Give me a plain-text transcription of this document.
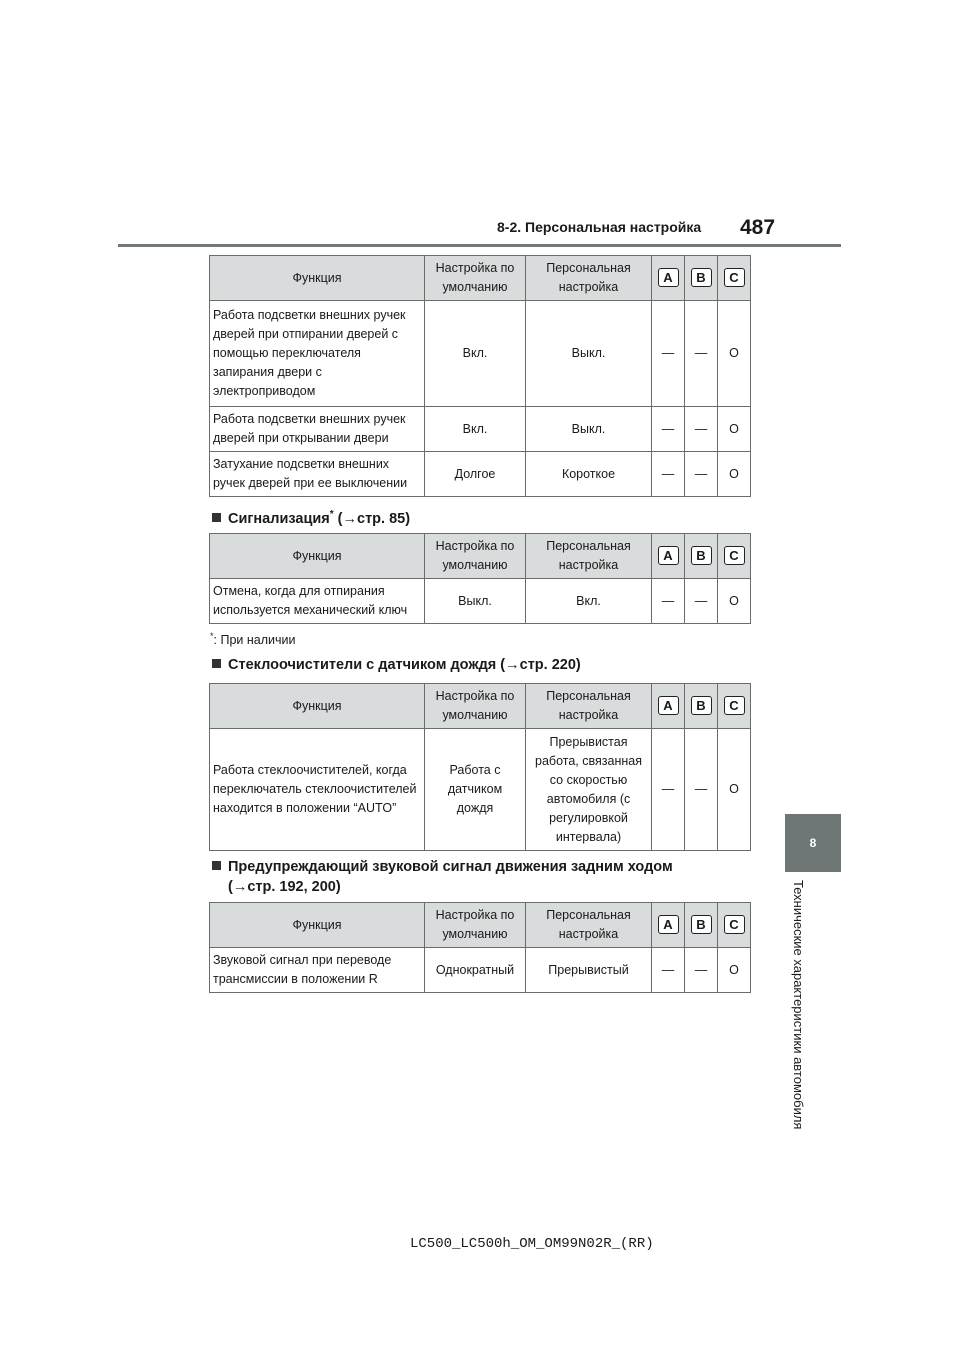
8-2. Персональная настройка 487
8
Технические характеристики автомобиля
Функция	Настройка по умолчанию	Персональная настройка	A	B	C
Работа подсветки внешних ручек дверей при отпирании дверей с помощью переключателя запирания двери с электроприводом	Вкл.	Выкл.	—	—	O
Работа подсветки внешних ручек дверей при открывании двери	Вкл.	Выкл.	—	—	O
Затухание подсветки внешних ручек дверей при ее выключении	Долгое	Короткое	—	—	O
Сигнализация* (→стр. 85)
Функция	Настройка по умолчанию	Персональная настройка	A	B	C
Отмена, когда для отпирания используется механический ключ	Выкл.	Вкл.	—	—	O
*: При наличии
Стеклоочистители с датчиком дождя (→стр. 220)
Функция	Настройка по умолчанию	Персональная настройка	A	B	C
Работа стеклоочистителей, когда переключатель стеклоочистителей находится в положении “AUTO”	Работа с датчиком дождя	Прерывистая работа, связанная со скоростью автомобиля (с регулировкой интервала)	—	—	O
Предупреждающий звуковой сигнал движения задним ходом
(→стр. 192, 200)
Функция	Настройка по умолчанию	Персональная настройка	A	B	C
Звуковой сигнал при переводе трансмиссии в положении R	Однократный	Прерывистый	—	—	O
LC500_LC500h_OM_OM99N02R_(RR)
